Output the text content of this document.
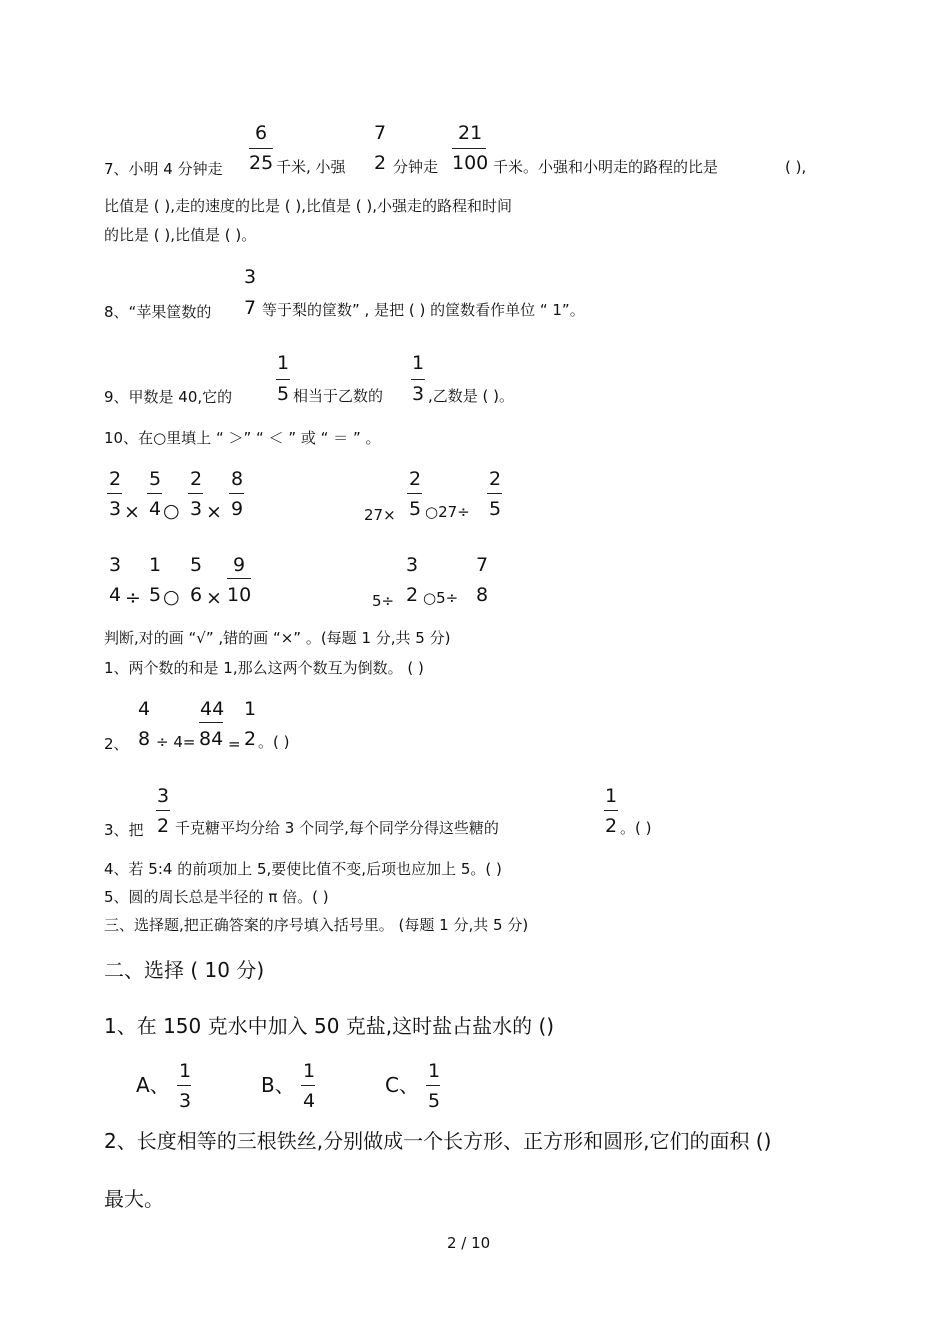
7、小明 4 分钟走
6
25 千米, 小强
7
2 分钟走
21
100 千米。小强和小明走的路程的比是	( ),
比值是 ( ),走的速度的比是 ( ),比值是 ( ),小强走的路程和时间
的比是 ( ),比值是 ( )。
3
8、“苹果筐数的 7 等于梨的筐数” , 是把 ( ) 的筐数看作单位 “ 1”。
1
9、甲数是 40,它的 5 相当于乙数的
1
3 ,乙数是 ( )。
10、在○里填上 “ ＞” “ ＜ ” 或 “ ＝ ” 。
2
3 ×
5
4 ○
2
3 ×
8
9	27×
2
5 ○27÷
2
5
3
4 ÷
1
5 ○
5
6 ×
9
10	5÷
3
2 ○5÷
7
8
判断,对的画 “√” ,错的画 “×” 。(每题 1 分,共 5 分)
1、两个数的和是 1,那么这两个数互为倒数。 ( )
4
2、 8 ÷ 4=
44
84 =
1
2 。( )
3
3、把 2 千克糖平均分给 3 个同学,每个同学分得这些糖的
1
2 。( )
4、若 5:4 的前项加上 5,要使比值不变,后项也应加上 5。( )
5、圆的周长总是半径的 π 倍。( )
三、选择题,把正确答案的序号填入括号里。 (每题 1 分,共 5 分)
二、选择 ( 10 分)
1、在 150 克水中加入 50 克盐,这时盐占盐水的 ()
A、
1
3
B、
1
4
C、
1
5
2、长度相等的三根铁丝,分别做成一个长方形、正方形和圆形,它们的面积 ()
最大。
2 / 10
